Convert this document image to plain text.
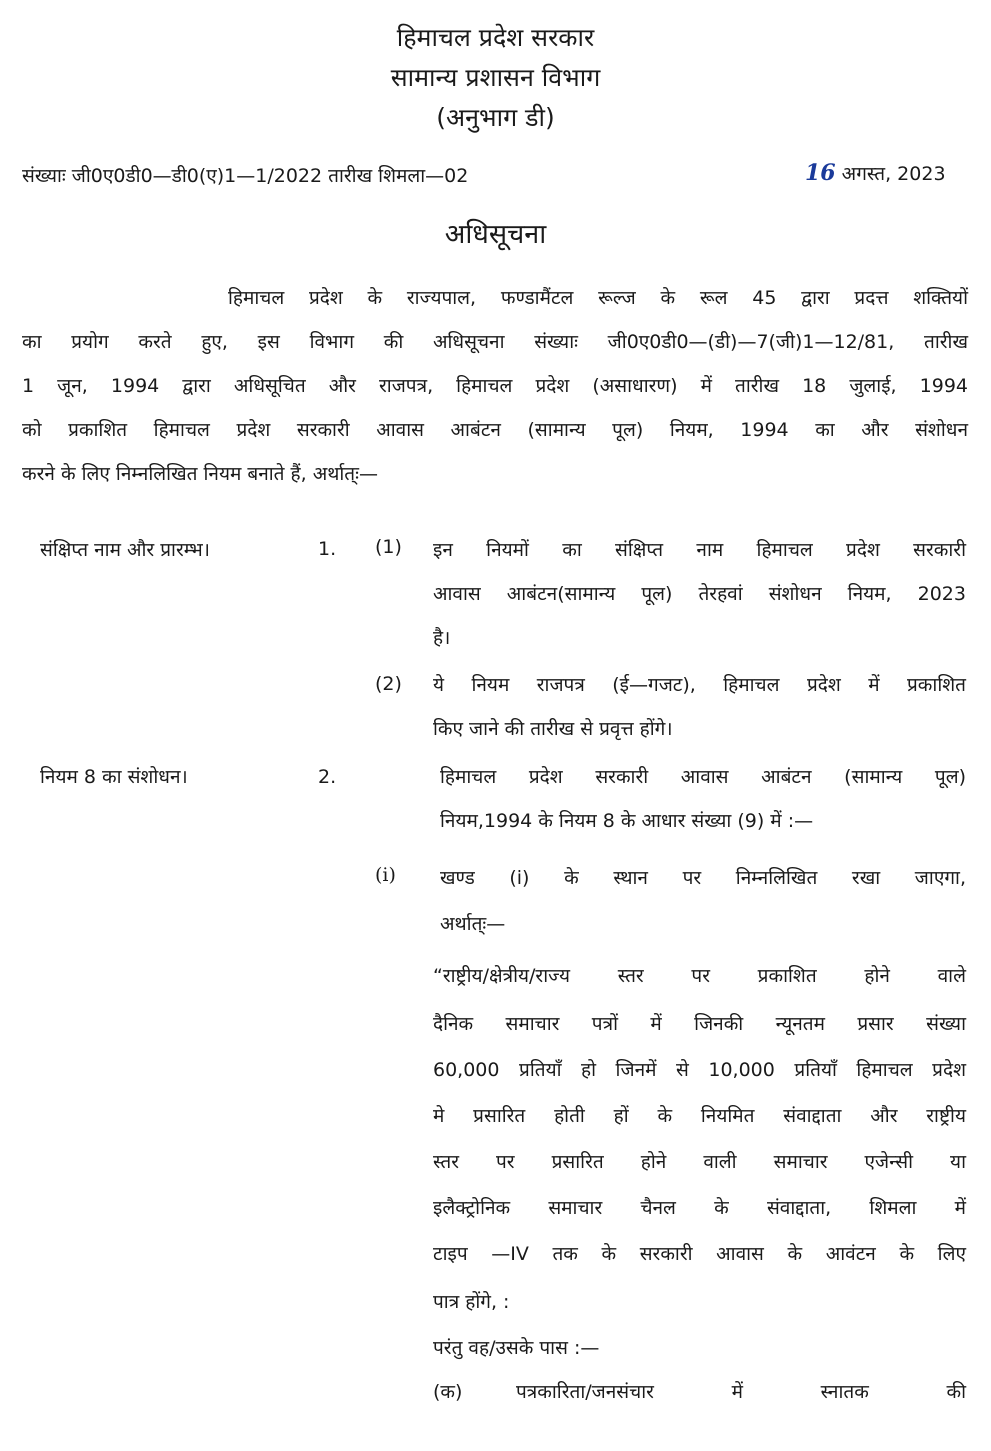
हिमाचल प्रदेश सरकार
सामान्य प्रशासन विभाग
(अनुभाग डी)
संख्याः जी0ए0डी0—डी0(ए)1—1/2022 तारीख शिमला—02	16 अगस्त, 2023
अधिसूचना
हिमाचल प्रदेश के राज्यपाल, फण्डामैंटल रूल्ज के रूल 45 द्वारा प्रदत्त शक्तियों
का प्रयोग करते हुए, इस विभाग की अधिसूचना संख्याः जी0ए0डी0—(डी)—7(जी)1—12/81, तारीख
1 जून, 1994 द्वारा अधिसूचित और राजपत्र, हिमाचल प्रदेश (असाधारण) में तारीख 18 जुलाई, 1994
को प्रकाशित हिमाचल प्रदेश सरकारी आवास आबंटन (सामान्य पूल) नियम, 1994 का और संशोधन
करने के लिए निम्नलिखित नियम बनाते हैं, अर्थात्ः—
संक्षिप्त नाम और प्रारम्भ।	1. (1) इन नियमों का संक्षिप्त नाम हिमाचल प्रदेश सरकारी
आवास आबंटन(सामान्य पूल) तेरहवां संशोधन नियम, 2023
है।
(2) ये नियम राजपत्र (ई—गजट), हिमाचल प्रदेश में प्रकाशित
किए जाने की तारीख से प्रवृत्त होंगे।
नियम 8 का संशोधन।	2.	हिमाचल प्रदेश सरकारी आवास आबंटन (सामान्य पूल)
नियम,1994 के नियम 8 के आधार संख्या (9) में :—
(i) खण्ड (i) के स्थान पर निम्नलिखित रखा जाएगा,
अर्थात्ः—
“राष्ट्रीय/क्षेत्रीय/राज्य स्तर पर प्रकाशित होने वाले
दैनिक समाचार पत्रों में जिनकी न्यूनतम प्रसार संख्या
60,000 प्रतियाँ हो जिनमें से 10,000 प्रतियाँ हिमाचल प्रदेश
मे प्रसारित होती हों के नियमित संवाद्दाता और राष्ट्रीय
स्तर पर प्रसारित होने वाली समाचार एजेन्सी या
इलैक्ट्रोनिक समाचार चैनल के संवाद्दाता, शिमला में
टाइप —IV तक के सरकारी आवास के आवंटन के लिए
पात्र होंगे, :
परंतु वह/उसके पास :—
(क)	पत्रकारिता/जनसंचार में स्नातक की
